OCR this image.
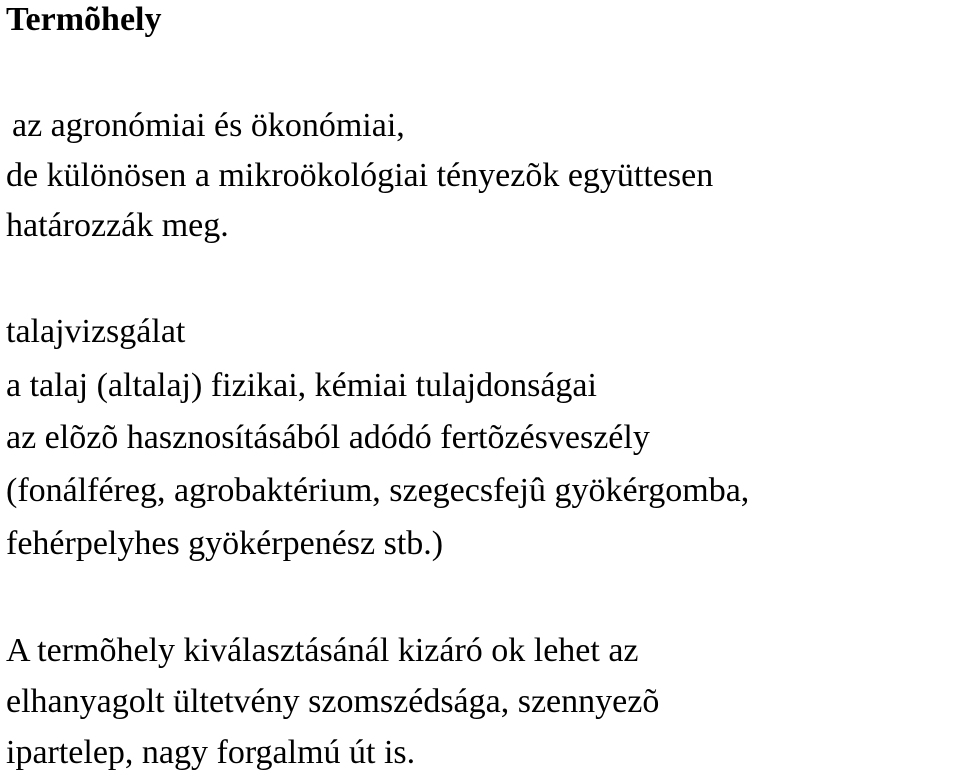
Termõhely
az agronómiai és ökonómiai,
de különösen a mikroökológiai tényezõk együttesen
határozzák meg.
talajvizsgálat
a talaj (altalaj) fizikai, kémiai tulajdonságai
az elõzõ hasznosításából adódó fertõzésveszély
(fonálféreg, agrobaktérium, szegecsfejû gyökérgomba,
fehérpelyhes gyökérpenész stb.)
A termõhely kiválasztásánál kizáró ok lehet az
elhanyagolt ültetvény szomszédsága, szennyezõ
ipartelep, nagy forgalmú út is.
